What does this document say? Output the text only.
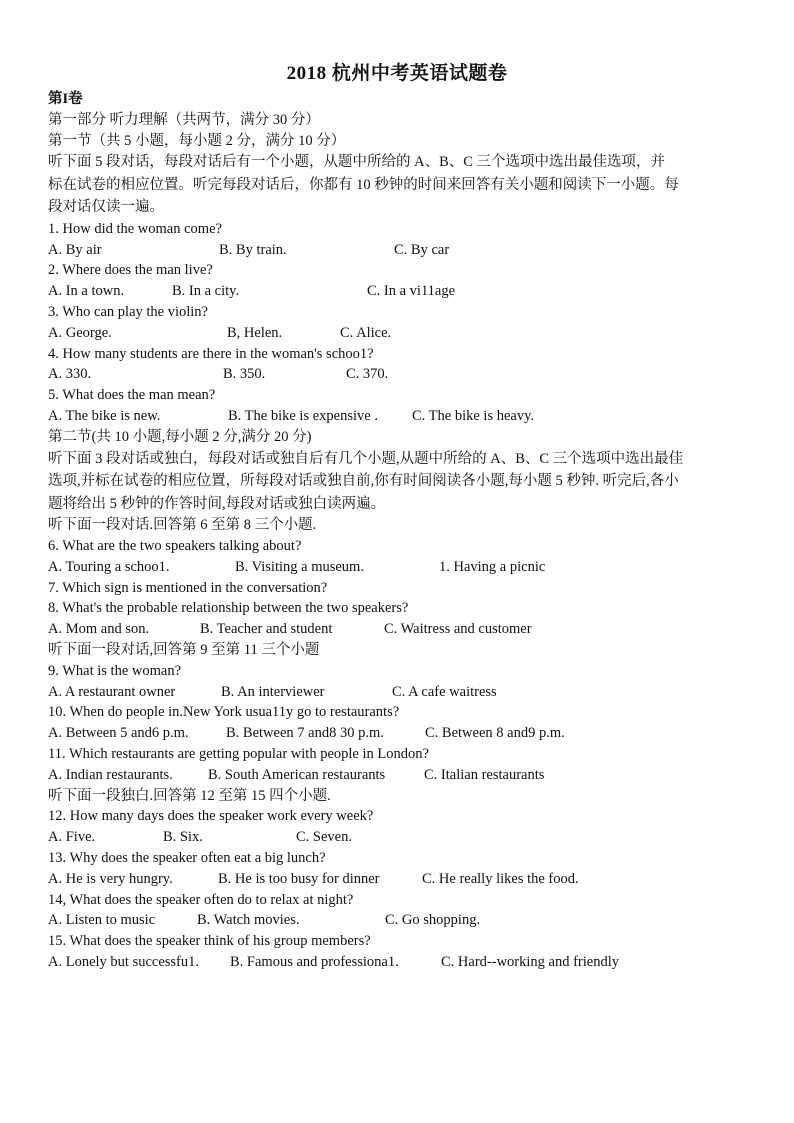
2018 杭州中考英语试题卷
第I卷
第一部分 听力理解（共两节，满分 30 分）
第一节（共 5 小题，每小题 2 分，满分 10 分）
听下面 5 段对话，每段对话后有一个小题，从题中所给的 A、B、C 三个选项中选出最佳选项，并
标在试卷的相应位置。听完每段对话后，你都有 10 秒钟的时间来回答有关小题和阅读下一小题。每
段对话仅读一遍。
1. How did the woman come?
A. By air	B. By train.	C. By car
2. Where does the man live?
A. In a town.	B. In a city.	C. In a vi11age
3. Who can play the violin?
A. George.	B, Helen.	C. Alice.
4. How many students are there in the woman's schoo1?
A. 330.	B. 350.	C. 370.
5. What does the man mean?
A. The bike is new.	B. The bike is expensive . C. The bike is heavy.
第二节(共 10 小题,每小题 2 分,满分 20 分)
听下面 3 段对话或独白，每段对话或独自后有几个小题,从题中所给的 A、B、C 三个选项中选出最佳
选项,并标在试卷的相应位置，所每段对话或独自前,你有时间阅读各小题,每小题 5 秒钟. 听完后,各小
题将给出 5 秒钟的作答时间,每段对话或独白读两遍。
听下面一段对话.回答第 6 至第 8 三个小题.
6. What are the two speakers talking about?
A. Touring a schoo1.	B. Visiting a museum.	1. Having a picnic
7. Which sign is mentioned in the conversation?
8. What's the probable relationship between the two speakers?
A. Mom and son.	B. Teacher and student	C. Waitress and customer
听下面一段对话,回答第 9 至第 11 三个小题
9. What is the woman?
A. A restaurant owner	B. An interviewer	C. A cafe waitress
10. When do people in.New York usua11y go to restaurants?
A. Between 5 and6 p.m.	B. Between 7 and8 30 p.m.	C. Between 8 and9 p.m.
11. Which restaurants are getting popular with people in London?
A. Indian restaurants. B. South American restaurants	C. Italian restaurants
听下面一段独白.回答第 12 至第 15 四个小题.
12. How many days does the speaker work every week?
A. Five.	B. Six.	C. Seven.
13. Why does the speaker often eat a big lunch?
A. He is very hungry.	B. He is too busy for dinner	C. He really likes the food.
14, What does the speaker often do to relax at night?
A. Listen to music	B. Watch movies.	C. Go shopping.
15. What does the speaker think of his group members?
A. Lonely but successfu1. B. Famous and professiona1.	C. Hard--working and friendly
